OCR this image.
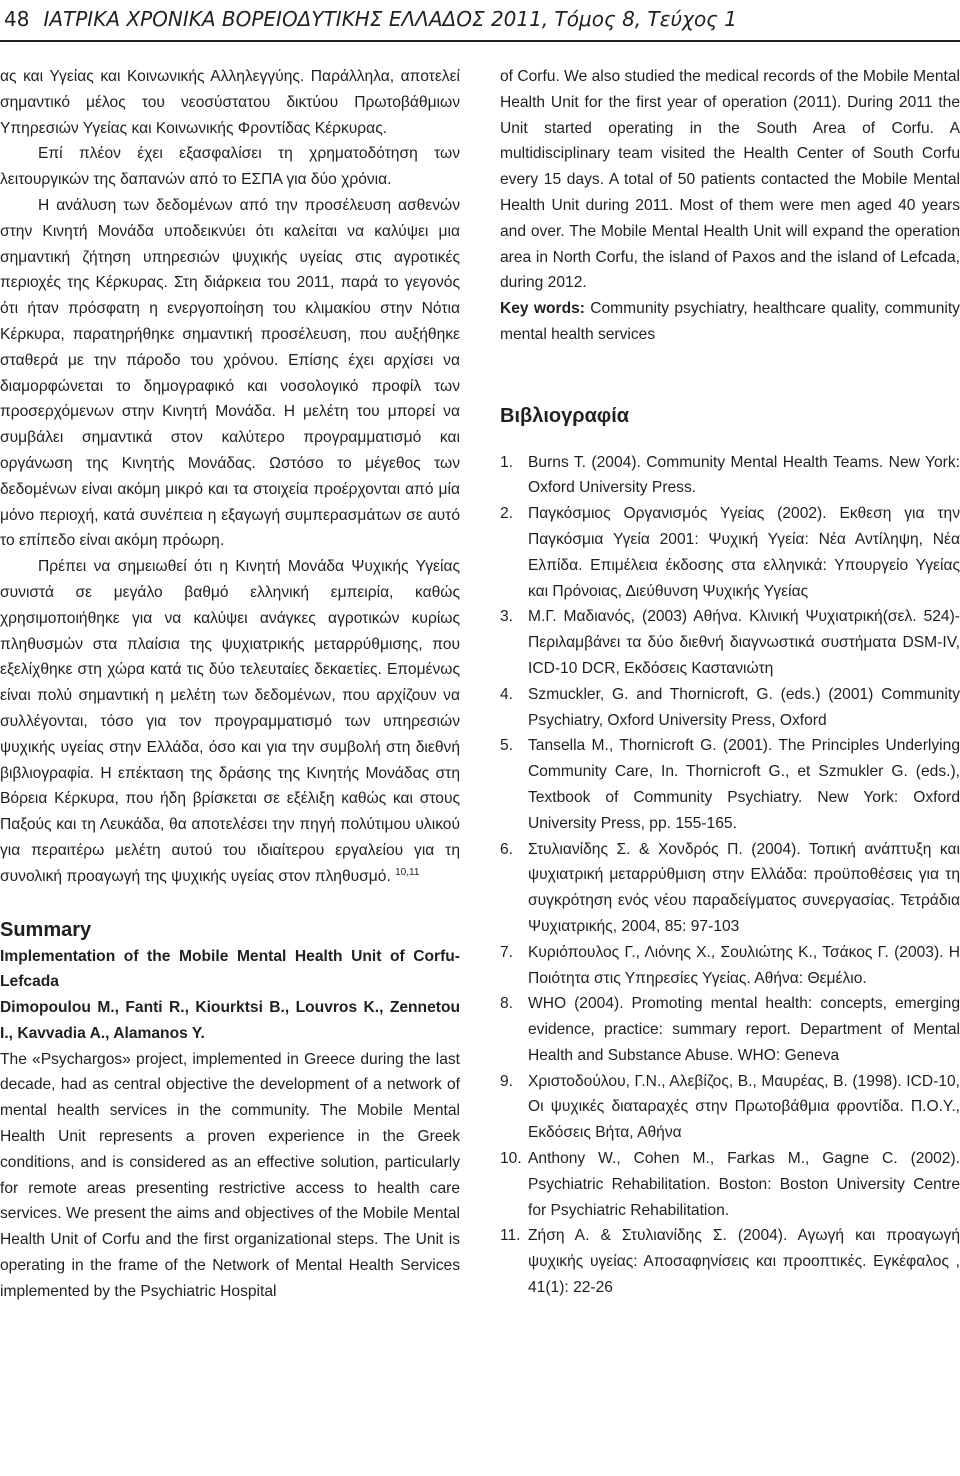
48 ΙΑΤΡΙΚΑ ΧΡΟΝΙΚΑ ΒΟΡΕΙΟΔΥΤΙΚΗΣ ΕΛΛΑΔΟΣ 2011, Τόμος 8, Τεύχος 1

ας και Υγείας και Κοινωνικής Αλληλεγγύης. Παράλληλα, αποτελεί σημαντικό μέλος του νεοσύστατου δικτύου Πρωτοβάθμιων Υπηρεσιών Υγείας και Κοινωνικής Φροντίδας Κέρκυρας.

Επί πλέον έχει εξασφαλίσει τη χρηματοδότηση των λειτουργικών της δαπανών από το ΕΣΠΑ για δύο χρόνια.

Η ανάλυση των δεδομένων από την προσέλευση ασθενών στην Κινητή Μονάδα υποδεικνύει ότι καλείται να καλύψει μια σημαντική ζήτηση υπηρεσιών ψυχικής υγείας στις αγροτικές περιοχές της Κέρκυρας. Στη διάρκεια του 2011, παρά το γεγονός ότι ήταν πρόσφατη η ενεργοποίηση του κλιμακίου στην Νότια Κέρκυρα, παρατηρήθηκε σημαντική προσέλευση, που αυξήθηκε σταθερά με την πάροδο του χρόνου. Επίσης έχει αρχίσει να διαμορφώνεται το δημογραφικό και νοσολογικό προφίλ των προσερχόμενων στην Κινητή Μονάδα. Η μελέτη του μπορεί να συμβάλει σημαντικά στον καλύτερο προγραμματισμό και οργάνωση της Κινητής Μονάδας. Ωστόσο το μέγεθος των δεδομένων είναι ακόμη μικρό και τα στοιχεία προέρχονται από μία μόνο περιοχή, κατά συνέπεια η εξαγωγή συμπερασμάτων σε αυτό το επίπεδο είναι ακόμη πρόωρη.

Πρέπει να σημειωθεί ότι η Κινητή Μονάδα Ψυχικής Υγείας συνιστά σε μεγάλο βαθμό ελληνική εμπειρία, καθώς χρησιμοποιήθηκε για να καλύψει ανάγκες αγροτικών κυρίως πληθυσμών στα πλαίσια της ψυχιατρικής μεταρρύθμισης, που εξελίχθηκε στη χώρα κατά τις δύο τελευταίες δεκαετίες. Επομένως είναι πολύ σημαντική η μελέτη των δεδομένων, που αρχίζουν να συλλέγονται, τόσο για τον προγραμματισμό των υπηρεσιών ψυχικής υγείας στην Ελλάδα, όσο και για την συμβολή στη διεθνή βιβλιογραφία. Η επέκταση της δράσης της Κινητής Μονάδας στη Βόρεια Κέρκυρα, που ήδη βρίσκεται σε εξέλιξη καθώς και στους Παξούς και τη Λευκάδα, θα αποτελέσει την πηγή πολύτιμου υλικού για περαιτέρω μελέτη αυτού του ιδιαίτερου εργαλείου για τη συνολική προαγωγή της ψυχικής υγείας στον πληθυσμό. $^{10,11}$

Summary

Implementation of the Mobile Mental Health Unit of Corfu-Lefcada

Dimopoulou M., Fanti R., Kiourktsi B., Louvros K., Zennetou I., Kavvadia A., Alamanos Y.

The «Psychargos» project, implemented in Greece during the last decade, had as central objective the development of a network of mental health services in the community. The Mobile Mental Health Unit represents a proven experience in the Greek conditions, and is considered as an effective solution, particularly for remote areas presenting restrictive access to health care services. We present the aims and objectives of the Mobile Mental Health Unit of Corfu and the first organizational steps. The Unit is operating in the frame of the Network of Mental Health Services implemented by the Psychiatric Hospital

of Corfu. We also studied the medical records of the Mobile Mental Health Unit for the first year of operation (2011). During 2011 the Unit started operating in the South Area of Corfu. A multidisciplinary team visited the Health Center of South Corfu every 15 days. A total of 50 patients contacted the Mobile Mental Health Unit during 2011. Most of them were men aged 40 years and over. The Mobile Mental Health Unit will expand the operation area in North Corfu, the island of Paxos and the island of Lefcada, during 2012.

Key words: Community psychiatry, healthcare quality, community mental health services

Βιβλιογραφία

1. Burns T. (2004). Community Mental Health Teams. New York: Oxford University Press.

2. Παγκόσμιος Οργανισμός Υγείας (2002). Εκθεση για την Παγκόσμια Υγεία 2001: Ψυχική Υγεία: Νέα Αντίληψη, Νέα Ελπίδα. Επιμέλεια έκδοσης στα ελληνικά: Υπουργείο Υγείας και Πρόνοιας, Διεύθυνση Ψυχικής Υγείας

3. Μ.Γ. Μαδιανός, (2003) Αθήνα. Κλινική Ψυχιατρική(σελ. 524)- Περιλαμβάνει τα δύο διεθνή διαγνωστικά συστήματα DSM-IV, ICD-10 DCR, Εκδόσεις Καστανιώτη

4. Szmuckler, G. and Thornicroft, G. (eds.) (2001) Community Psychiatry, Oxford University Press, Oxford

5. Tansella M., Thornicroft G. (2001). The Principles Underlying Community Care, In. Thornicroft G., et Szmukler G. (eds.), Textbook of Community Psychiatry. New York: Oxford University Press, pp. 155-165.

6. Στυλιανίδης Σ. & Χονδρός Π. (2004). Τοπική ανάπτυξη και ψυχιατρική μεταρρύθμιση στην Ελλάδα: προϋποθέσεις για τη συγκρότηση ενός νέου παραδείγματος συνεργασίας. Τετράδια Ψυχιατρικής, 2004, 85: 97-103

7. Κυριόπουλος Γ., Λιόνης Χ., Σουλιώτης Κ., Τσάκος Γ. (2003). Η Ποιότητα στις Υπηρεσίες Υγείας. Αθήνα: Θεμέλιο.

8. WHO (2004). Promoting mental health: concepts, emerging evidence, practice: summary report. Department of Mental Health and Substance Abuse. WHO: Geneva

9. Χριστοδούλου, Γ.Ν., Αλεβίζος, Β., Μαυρέας, Β. (1998). ICD-10, Οι ψυχικές διαταραχές στην Πρωτοβάθμια φροντίδα. Π.Ο.Υ., Εκδόσεις Βήτα, Αθήνα

10. Anthony W., Cohen M., Farkas M., Gagne C. (2002). Psychiatric Rehabilitation. Boston: Boston University Centre for Psychiatric Rehabilitation.

11. Ζήση Α. & Στυλιανίδης Σ. (2004). Αγωγή και προαγωγή ψυχικής υγείας: Αποσαφηνίσεις και προοπτικές. Εγκέφαλος , 41(1): 22-26
